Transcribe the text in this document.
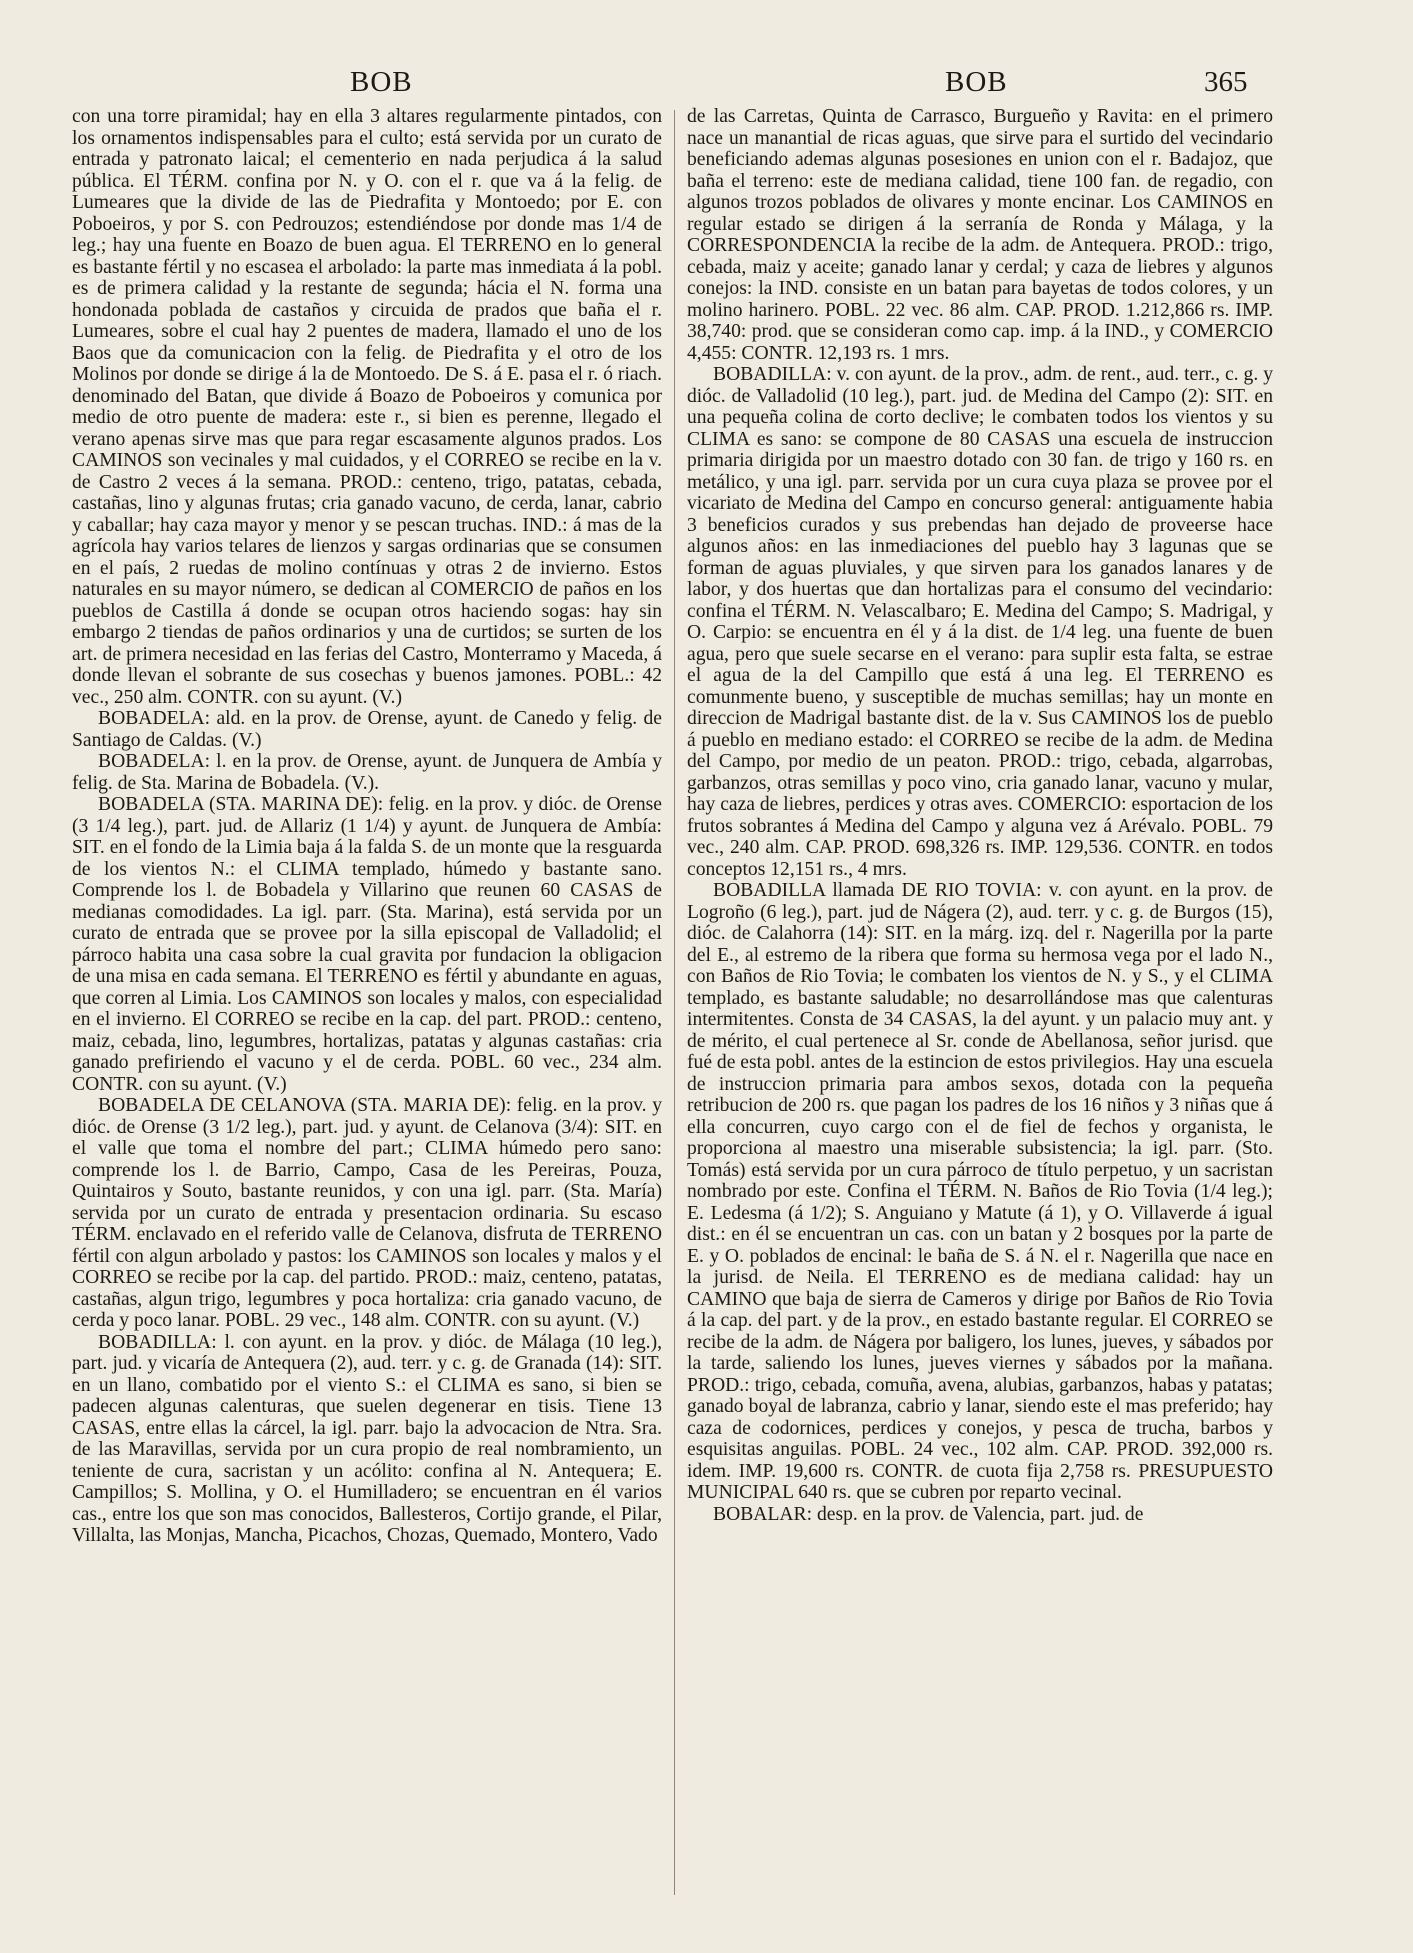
BOB	BOB	365

con una torre piramidal; hay en ella 3 altares regularmente pintados, con los ornamentos indispensables para el culto; está servida por un curato de entrada y patronato laical; el cementerio en nada perjudica á la salud pública. El TÉRM. confina por N. y O. con el r. que va á la felig. de Lumeares que la divide de las de Piedrafita y Montoedo; por E. con Poboeiros, y por S. con Pedrouzos; estendiéndose por donde mas 1/4 de leg.; hay una fuente en Boazo de buen agua. El TERRENO en lo general es bastante fértil y no escasea el arbolado: la parte mas inmediata á la pobl. es de primera calidad y la restante de segunda; hácia el N. forma una hondonada poblada de castaños y circuida de prados que baña el r. Lumeares, sobre el cual hay 2 puentes de madera, llamado el uno de los Baos que da comunicacion con la felig. de Piedrafita y el otro de los Molinos por donde se dirige á la de Montoedo. De S. á E. pasa el r. ó riach. denominado del Batan, que divide á Boazo de Poboeiros y comunica por medio de otro puente de madera: este r., si bien es perenne, llegado el verano apenas sirve mas que para regar escasamente algunos prados. Los CAMINOS son vecinales y mal cuidados, y el CORREO se recibe en la v. de Castro 2 veces á la semana. PROD.: centeno, trigo, patatas, cebada, castañas, lino y algunas frutas; cria ganado vacuno, de cerda, lanar, cabrio y caballar; hay caza mayor y menor y se pescan truchas. IND.: á mas de la agrícola hay varios telares de lienzos y sargas ordinarias que se consumen en el país, 2 ruedas de molino contínuas y otras 2 de invierno. Estos naturales en su mayor número, se dedican al COMERCIO de paños en los pueblos de Castilla á donde se ocupan otros haciendo sogas: hay sin embargo 2 tiendas de paños ordinarios y una de curtidos; se surten de los art. de primera necesidad en las ferias del Castro, Monterramo y Maceda, á donde llevan el sobrante de sus cosechas y buenos jamones. POBL.: 42 vec., 250 alm. CONTR. con su ayunt. (V.)

BOBADELA: ald. en la prov. de Orense, ayunt. de Canedo y felig. de Santiago de Caldas. (V.)

BOBADELA: l. en la prov. de Orense, ayunt. de Junquera de Ambía y felig. de Sta. Marina de Bobadela. (V.).

BOBADELA (STA. MARINA DE): felig. en la prov. y dióc. de Orense (3 1/4 leg.), part. jud. de Allariz (1 1/4) y ayunt. de Junquera de Ambía: SIT. en el fondo de la Limia baja á la falda S. de un monte que la resguarda de los vientos N.: el CLIMA templado, húmedo y bastante sano. Comprende los l. de Bobadela y Villarino que reunen 60 CASAS de medianas comodidades. La igl. parr. (Sta. Marina), está servida por un curato de entrada que se provee por la silla episcopal de Valladolid; el párroco habita una casa sobre la cual gravita por fundacion la obligacion de una misa en cada semana. El TERRENO es fértil y abundante en aguas, que corren al Limia. Los CAMINOS son locales y malos, con especialidad en el invierno. El CORREO se recibe en la cap. del part. PROD.: centeno, maiz, cebada, lino, legumbres, hortalizas, patatas y algunas castañas: cria ganado prefiriendo el vacuno y el de cerda. POBL. 60 vec., 234 alm. CONTR. con su ayunt. (V.)

BOBADELA DE CELANOVA (STA. MARIA DE): felig. en la prov. y dióc. de Orense (3 1/2 leg.), part. jud. y ayunt. de Celanova (3/4): SIT. en el valle que toma el nombre del part.; CLIMA húmedo pero sano: comprende los l. de Barrio, Campo, Casa de les Pereiras, Pouza, Quintairos y Souto, bastante reunidos, y con una igl. parr. (Sta. María) servida por un curato de entrada y presentacion ordinaria. Su escaso TÉRM. enclavado en el referido valle de Celanova, disfruta de TERRENO fértil con algun arbolado y pastos: los CAMINOS son locales y malos y el CORREO se recibe por la cap. del partido. PROD.: maiz, centeno, patatas, castañas, algun trigo, legumbres y poca hortaliza: cria ganado vacuno, de cerda y poco lanar. POBL. 29 vec., 148 alm. CONTR. con su ayunt. (V.)

BOBADILLA: l. con ayunt. en la prov. y dióc. de Málaga (10 leg.), part. jud. y vicaría de Antequera (2), aud. terr. y c. g. de Granada (14): SIT. en un llano, combatido por el viento S.: el CLIMA es sano, si bien se padecen algunas calenturas, que suelen degenerar en tisis. Tiene 13 CASAS, entre ellas la cárcel, la igl. parr. bajo la advocacion de Ntra. Sra. de las Maravillas, servida por un cura propio de real nombramiento, un teniente de cura, sacristan y un acólito: confina al N. Antequera; E. Campillos; S. Mollina, y O. el Humilladero; se encuentran en él varios cas., entre los que son mas conocidos, Ballesteros, Cortijo grande, el Pilar, Villalta, las Monjas, Mancha, Picachos, Chozas, Quemado, Montero, Vado

de las Carretas, Quinta de Carrasco, Burgueño y Ravita: en el primero nace un manantial de ricas aguas, que sirve para el surtido del vecindario beneficiando ademas algunas posesiones en union con el r. Badajoz, que baña el terreno: este de mediana calidad, tiene 100 fan. de regadio, con algunos trozos poblados de olivares y monte encinar. Los CAMINOS en regular estado se dirigen á la serranía de Ronda y Málaga, y la CORRESPONDENCIA la recibe de la adm. de Antequera. PROD.: trigo, cebada, maiz y aceite; ganado lanar y cerdal; y caza de liebres y algunos conejos: la IND. consiste en un batan para bayetas de todos colores, y un molino harinero. POBL. 22 vec. 86 alm. CAP. PROD. 1.212,866 rs. IMP. 38,740: prod. que se consideran como cap. imp. á la IND., y COMERCIO 4,455: CONTR. 12,193 rs. 1 mrs.

BOBADILLA: v. con ayunt. de la prov., adm. de rent., aud. terr., c. g. y dióc. de Valladolid (10 leg.), part. jud. de Medina del Campo (2): SIT. en una pequeña colina de corto declive; le combaten todos los vientos y su CLIMA es sano: se compone de 80 CASAS una escuela de instruccion primaria dirigida por un maestro dotado con 30 fan. de trigo y 160 rs. en metálico, y una igl. parr. servida por un cura cuya plaza se provee por el vicariato de Medina del Campo en concurso general: antiguamente habia 3 beneficios curados y sus prebendas han dejado de proveerse hace algunos años: en las inmediaciones del pueblo hay 3 lagunas que se forman de aguas pluviales, y que sirven para los ganados lanares y de labor, y dos huertas que dan hortalizas para el consumo del vecindario: confina el TÉRM. N. Velascalbaro; E. Medina del Campo; S. Madrigal, y O. Carpio: se encuentra en él y á la dist. de 1/4 leg. una fuente de buen agua, pero que suele secarse en el verano: para suplir esta falta, se estrae el agua de la del Campillo que está á una leg. El TERRENO es comunmente bueno, y susceptible de muchas semillas; hay un monte en direccion de Madrigal bastante dist. de la v. Sus CAMINOS los de pueblo á pueblo en mediano estado: el CORREO se recibe de la adm. de Medina del Campo, por medio de un peaton. PROD.: trigo, cebada, algarrobas, garbanzos, otras semillas y poco vino, cria ganado lanar, vacuno y mular, hay caza de liebres, perdices y otras aves. COMERCIO: esportacion de los frutos sobrantes á Medina del Campo y alguna vez á Arévalo. POBL. 79 vec., 240 alm. CAP. PROD. 698,326 rs. IMP. 129,536. CONTR. en todos conceptos 12,151 rs., 4 mrs.

BOBADILLA llamada DE RIO TOVIA: v. con ayunt. en la prov. de Logroño (6 leg.), part. jud de Nágera (2), aud. terr. y c. g. de Burgos (15), dióc. de Calahorra (14): SIT. en la márg. izq. del r. Nagerilla por la parte del E., al estremo de la ribera que forma su hermosa vega por el lado N., con Baños de Rio Tovia; le combaten los vientos de N. y S., y el CLIMA templado, es bastante saludable; no desarrollándose mas que calenturas intermitentes. Consta de 34 CASAS, la del ayunt. y un palacio muy ant. y de mérito, el cual pertenece al Sr. conde de Abellanosa, señor jurisd. que fué de esta pobl. antes de la estincion de estos privilegios. Hay una escuela de instruccion primaria para ambos sexos, dotada con la pequeña retribucion de 200 rs. que pagan los padres de los 16 niños y 3 niñas que á ella concurren, cuyo cargo con el de fiel de fechos y organista, le proporciona al maestro una miserable subsistencia; la igl. parr. (Sto. Tomás) está servida por un cura párroco de título perpetuo, y un sacristan nombrado por este. Confina el TÉRM. N. Baños de Rio Tovia (1/4 leg.); E. Ledesma (á 1/2); S. Anguiano y Matute (á 1), y O. Villaverde á igual dist.: en él se encuentran un cas. con un batan y 2 bosques por la parte de E. y O. poblados de encinal: le baña de S. á N. el r. Nagerilla que nace en la jurisd. de Neila. El TERRENO es de mediana calidad: hay un CAMINO que baja de sierra de Cameros y dirige por Baños de Rio Tovia á la cap. del part. y de la prov., en estado bastante regular. El CORREO se recibe de la adm. de Nágera por baligero, los lunes, jueves, y sábados por la tarde, saliendo los lunes, jueves viernes y sábados por la mañana. PROD.: trigo, cebada, comuña, avena, alubias, garbanzos, habas y patatas; ganado boyal de labranza, cabrio y lanar, siendo este el mas preferido; hay caza de codornices, perdices y conejos, y pesca de trucha, barbos y esquisitas anguilas. POBL. 24 vec., 102 alm. CAP. PROD. 392,000 rs. idem. IMP. 19,600 rs. CONTR. de cuota fija 2,758 rs. PRESUPUESTO MUNICIPAL 640 rs. que se cubren por reparto vecinal.

BOBALAR: desp. en la prov. de Valencia, part. jud. de
